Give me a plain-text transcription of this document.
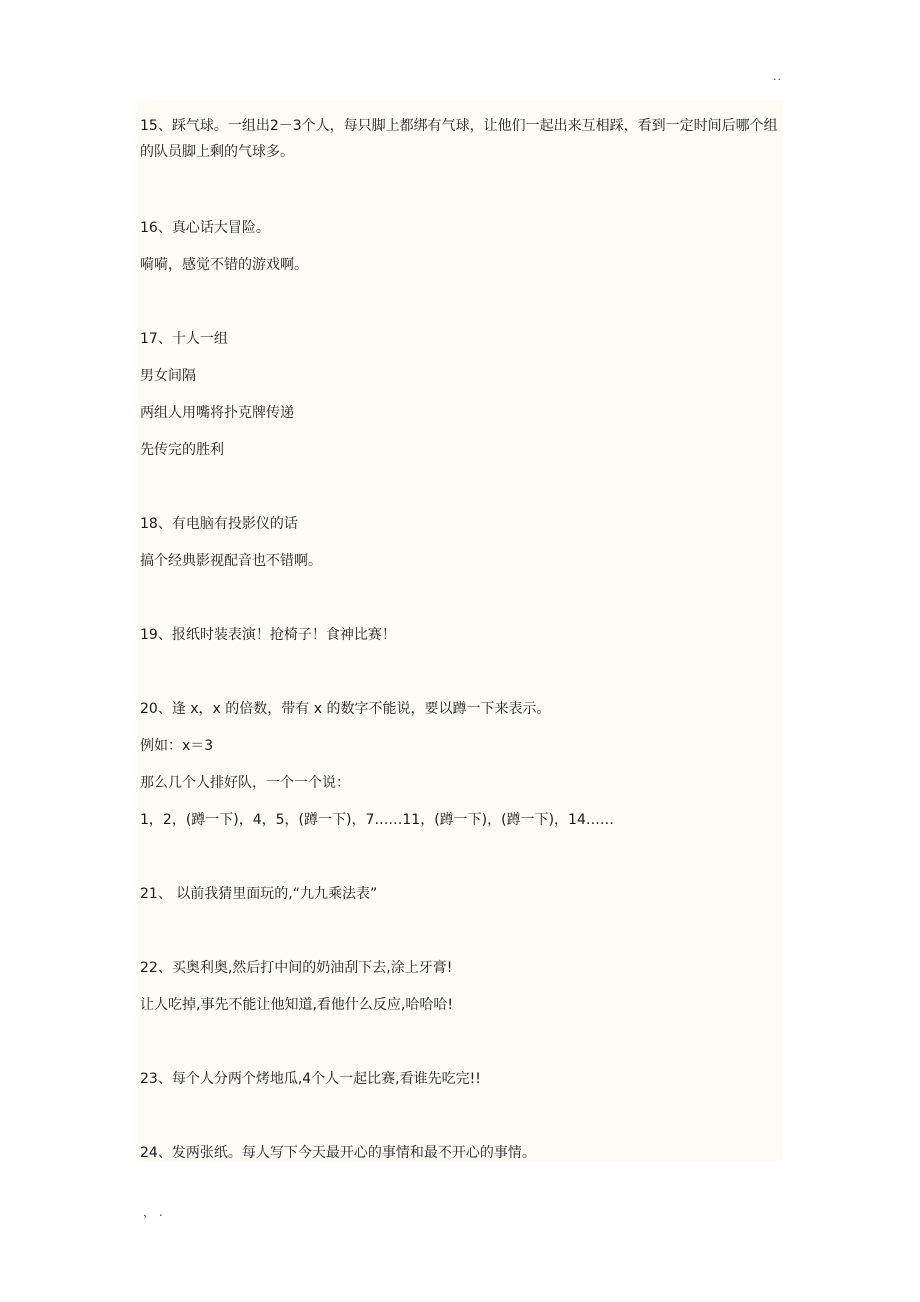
..

15、踩气球。一组出2－3个人，每只脚上都绑有气球，让他们一起出来互相踩，看到一定时间后哪个组的队员脚上剩的气球多。

16、真心话大冒险。

嗬嗬，感觉不错的游戏啊。

17、十人一组

男女间隔

两组人用嘴将扑克牌传递

先传完的胜利

18、有电脑有投影仪的话

搞个经典影视配音也不错啊。

19、报纸时装表演！抢椅子！食神比赛！

20、逢 x，x 的倍数，带有 x 的数字不能说，要以蹲一下来表示。

例如：x＝3

那么几个人排好队，一个一个说：

1，2，(蹲一下)，4，5，(蹲一下)，7……11，(蹲一下)，(蹲一下)，14……

21、 以前我猜里面玩的,“九九乘法表”

22、买奥利奥,然后打中间的奶油刮下去,涂上牙膏!

让人吃掉,事先不能让他知道,看他什么反应,哈哈哈!

23、每个人分两个烤地瓜,4个人一起比赛,看谁先吃完!!

24、发两张纸。每人写下今天最开心的事情和最不开心的事情。

， .
